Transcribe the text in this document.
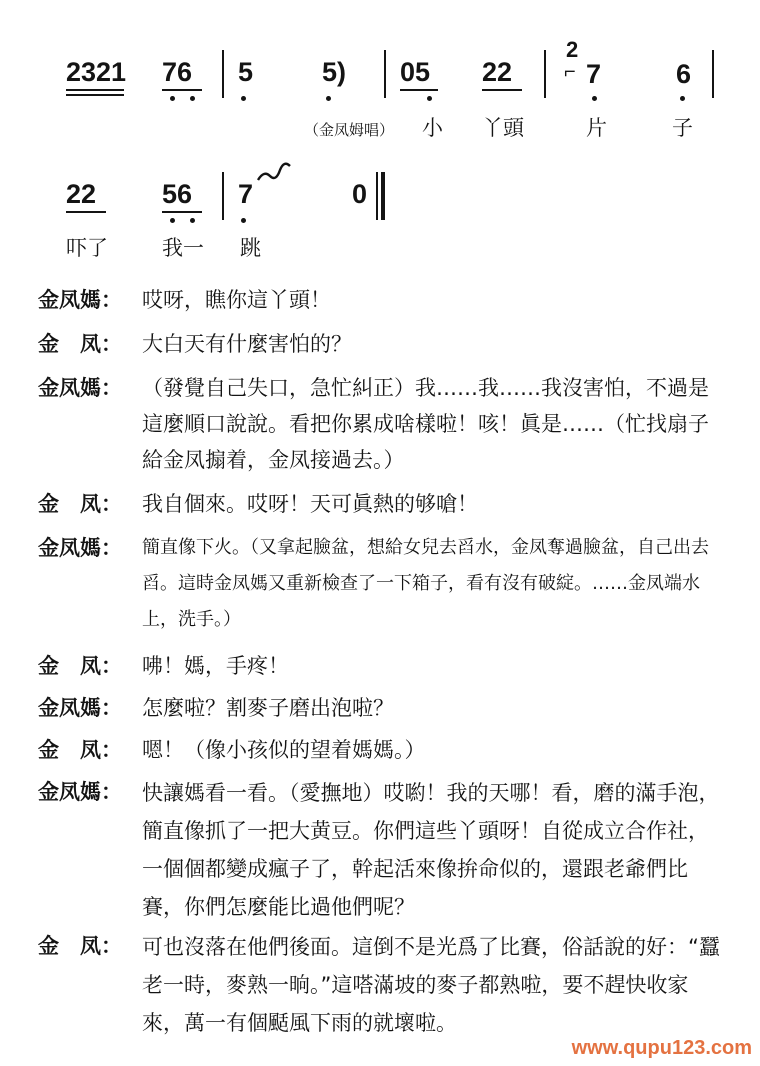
2321 76 5	5) 05 22
2
⌐ 7	6
（金凤姆唱） 小 丫頭	片	子
22 56 7	0
吓了	我一 跳
金凤媽： 哎呀，瞧你這丫頭！
金　凤： 大白天有什麼害怕的？
金凤媽： （發覺自己失口，急忙糾正）我……我……我沒害怕，不過是這麼順口說說。看把你累成啥樣啦！咳！眞是……（忙找扇子給金凤搧着，金凤接過去。）
金　凤： 我自個來。哎呀！天可眞熱的够嗆！
金凤媽：	簡直像下火。（又拿起臉盆，想給女兒去舀水，金凤奪過臉盆，自己出去舀。這時金凤媽又重新檢查了一下箱子，看有沒有破綻。……金凤端水上，洗手。）
金　凤： 咈！媽，手疼！
金凤媽： 怎麼啦？割麥子磨出泡啦？
金　凤： 嗯！（像小孩似的望着媽媽。）
金凤媽： 快讓媽看一看。（愛撫地）哎喲！我的天哪！看，磨的滿手泡，簡直像抓了一把大黄豆。你們這些丫頭呀！自從成立合作社，一個個都變成瘋子了，幹起活來像拚命似的，還跟老爺們比賽，你們怎麼能比過他們呢？
金　凤： 可也沒落在他們後面。這倒不是光爲了比賽，俗話說的好：“蠶老一時，麥熟一晌。”這嗒滿坡的麥子都熟啦，要不趕快收家來，萬一有個颳風下雨的就壞啦。
www.qupu123.com
